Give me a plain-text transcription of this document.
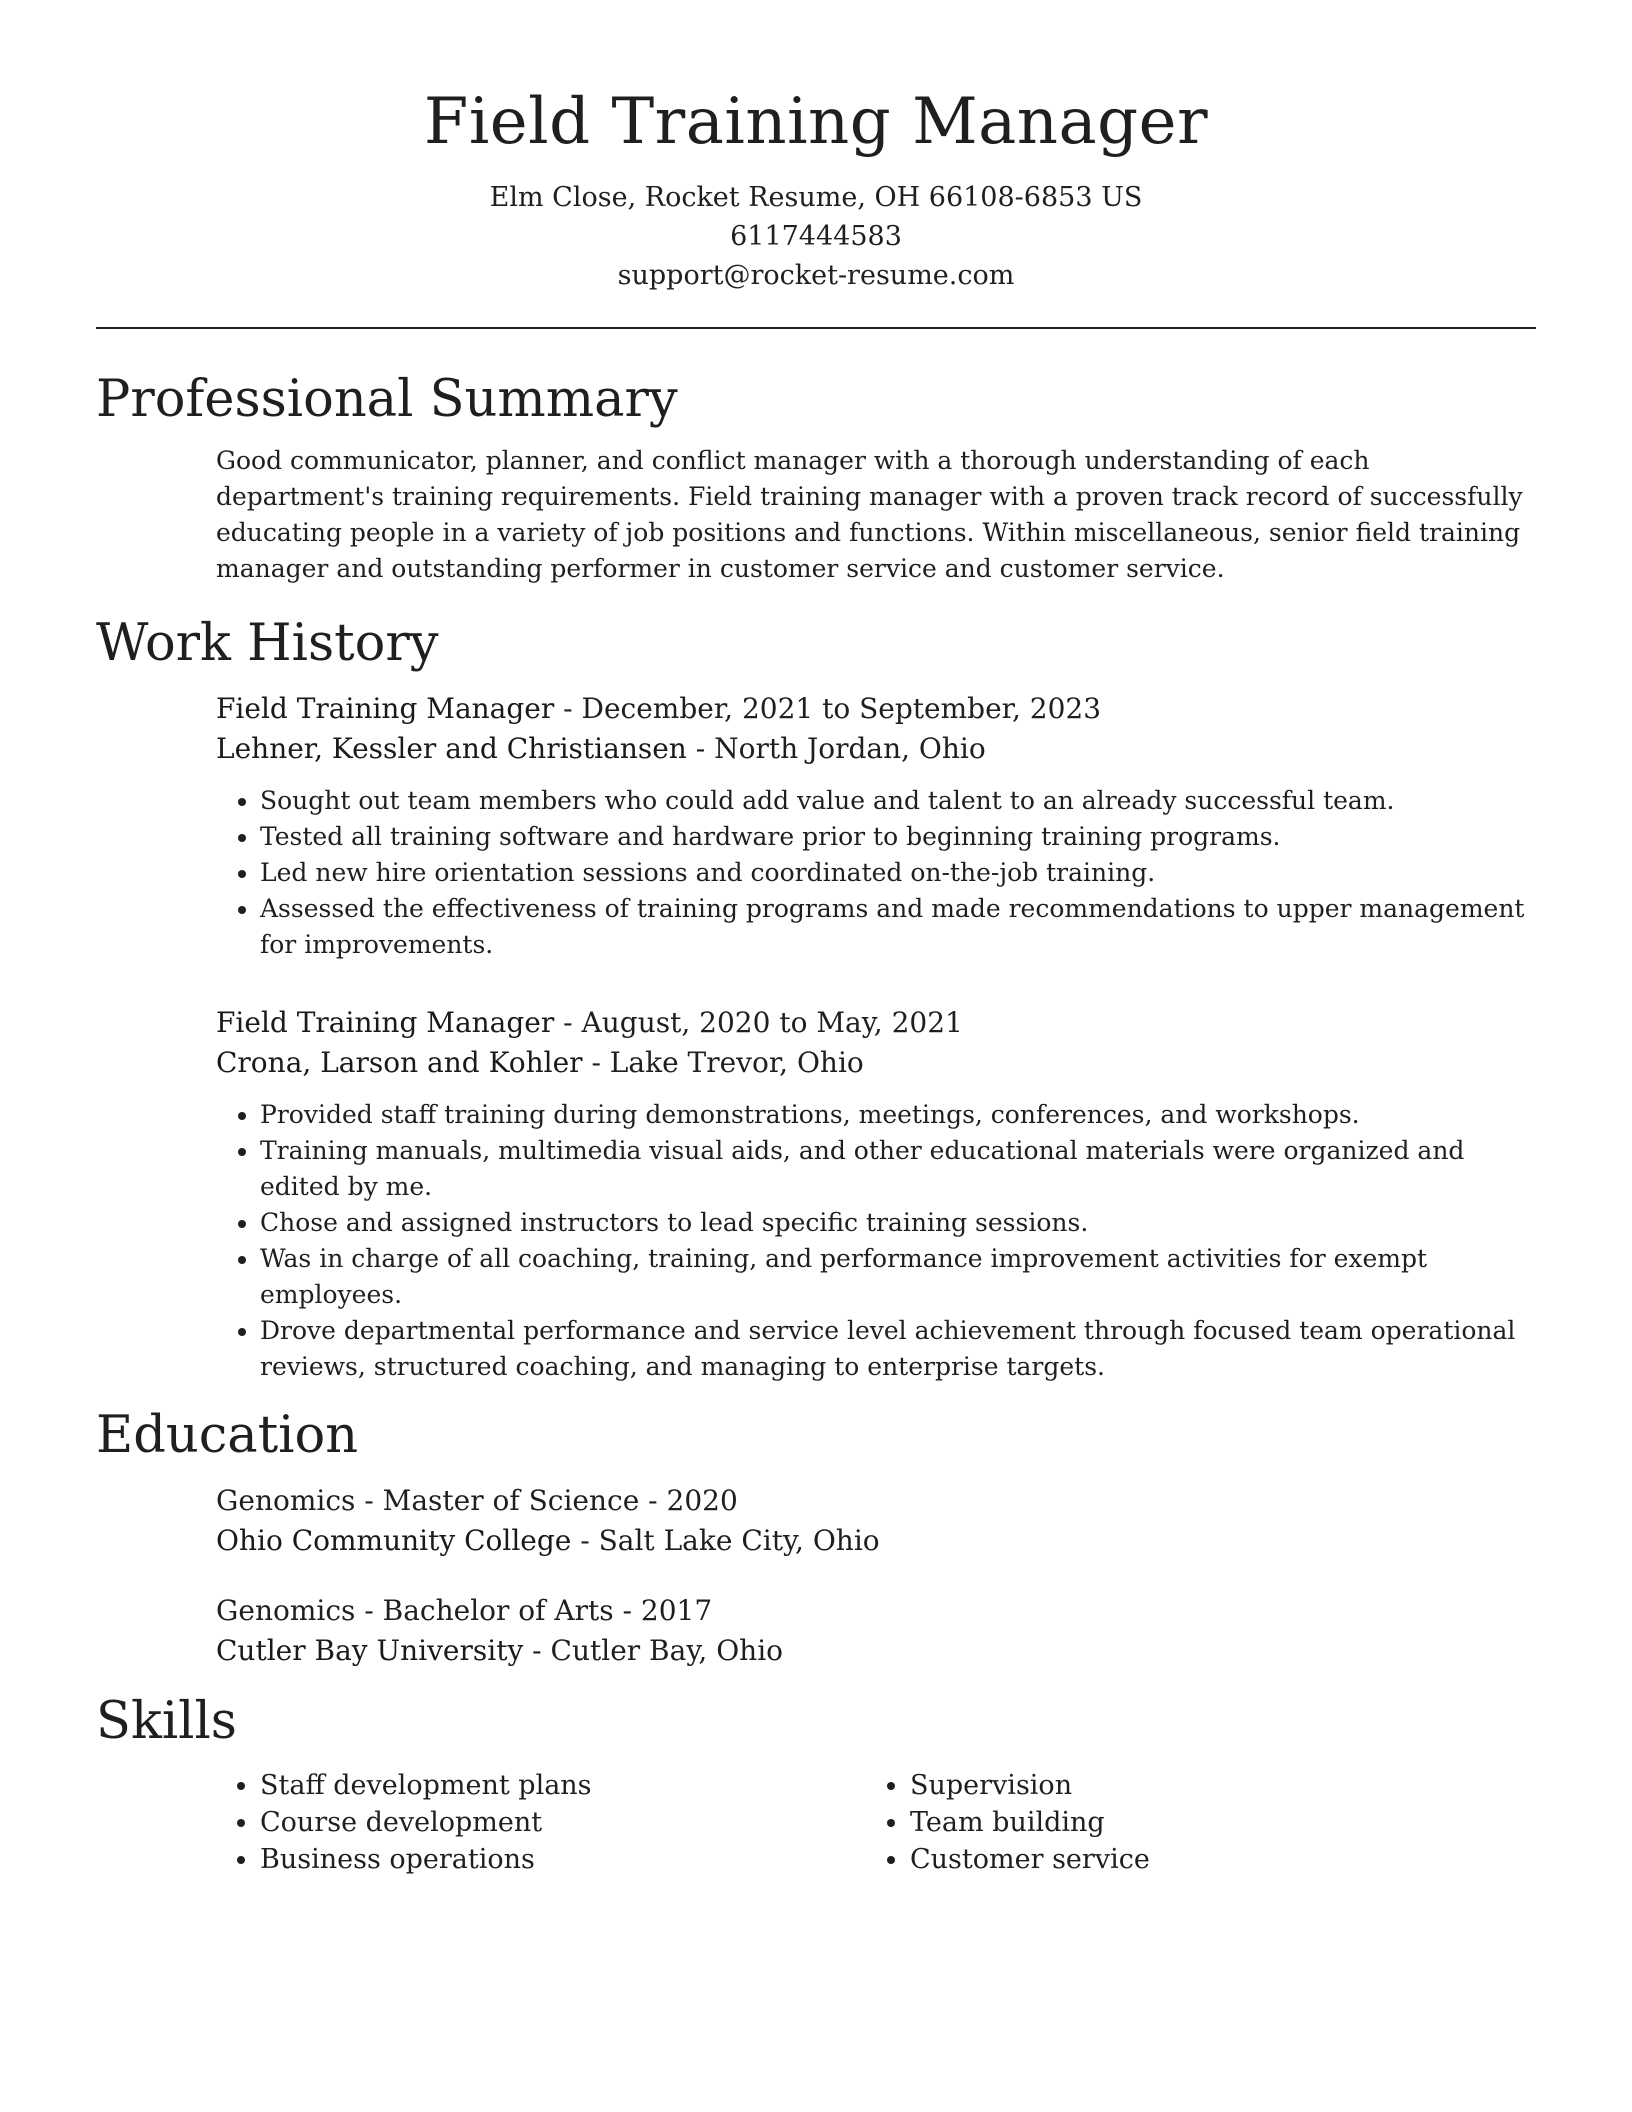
Field Training Manager
Elm Close, Rocket Resume, OH 66108-6853 US
6117444583
support@rocket-resume.com
Professional Summary
Good communicator, planner, and conflict manager with a thorough understanding of each department's training requirements. Field training manager with a proven track record of successfully educating people in a variety of job positions and functions. Within miscellaneous, senior field training manager and outstanding performer in customer service and customer service.
Work History
Field Training Manager - December, 2021 to September, 2023
Lehner, Kessler and Christiansen - North Jordan, Ohio
• Sought out team members who could add value and talent to an already successful team.
• Tested all training software and hardware prior to beginning training programs.
• Led new hire orientation sessions and coordinated on-the-job training.
• Assessed the effectiveness of training programs and made recommendations to upper management for improvements.
Field Training Manager - August, 2020 to May, 2021
Crona, Larson and Kohler - Lake Trevor, Ohio
• Provided staff training during demonstrations, meetings, conferences, and workshops.
• Training manuals, multimedia visual aids, and other educational materials were organized and edited by me.
• Chose and assigned instructors to lead specific training sessions.
• Was in charge of all coaching, training, and performance improvement activities for exempt employees.
• Drove departmental performance and service level achievement through focused team operational reviews, structured coaching, and managing to enterprise targets.
Education
Genomics - Master of Science - 2020
Ohio Community College - Salt Lake City, Ohio
Genomics - Bachelor of Arts - 2017
Cutler Bay University - Cutler Bay, Ohio
Skills
• Staff development plans
• Course development
• Business operations
• Supervision
• Team building
• Customer service
